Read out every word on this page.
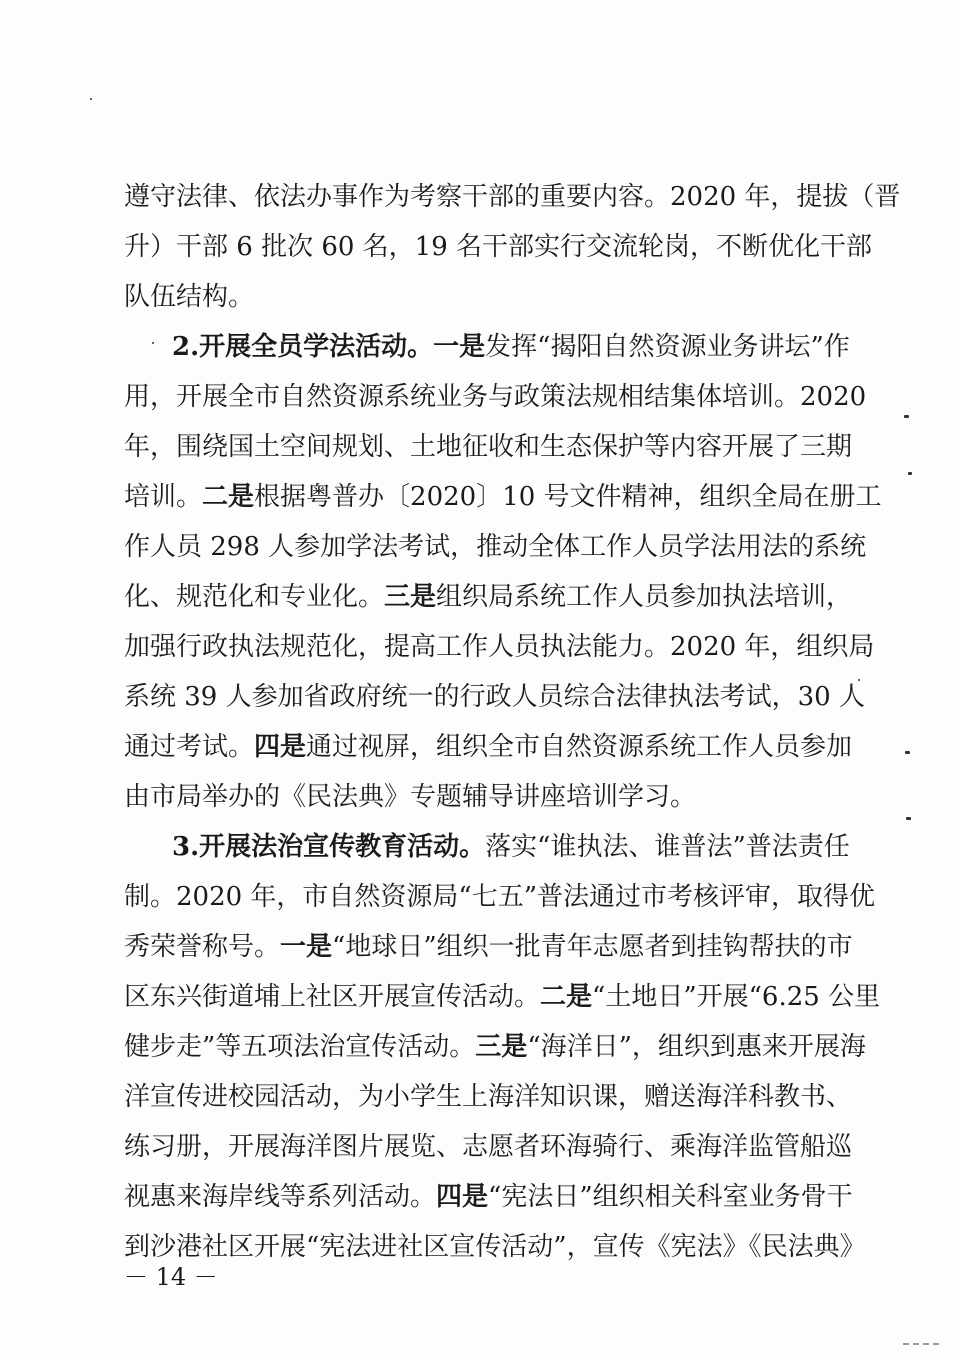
遵守法律、依法办事作为考察干部的重要内容。2020 年，提拔（晋
升）干部 6 批次 60 名，19 名干部实行交流轮岗，不断优化干部
队伍结构。
2.开展全员学法活动。一是发挥“揭阳自然资源业务讲坛”作
用，开展全市自然资源系统业务与政策法规相结集体培训。2020
年，围绕国土空间规划、土地征收和生态保护等内容开展了三期
培训。二是根据粤普办〔2020〕10 号文件精神，组织全局在册工
作人员 298 人参加学法考试，推动全体工作人员学法用法的系统
化、规范化和专业化。三是组织局系统工作人员参加执法培训，
加强行政执法规范化，提高工作人员执法能力。2020 年，组织局
系统 39 人参加省政府统一的行政人员综合法律执法考试，30 人
通过考试。四是通过视屏，组织全市自然资源系统工作人员参加
由市局举办的《民法典》专题辅导讲座培训学习。
3.开展法治宣传教育活动。落实“谁执法、谁普法”普法责任
制。2020 年，市自然资源局“七五”普法通过市考核评审，取得优
秀荣誉称号。一是“地球日”组织一批青年志愿者到挂钩帮扶的市
区东兴街道埔上社区开展宣传活动。二是“土地日”开展“6.25 公里
健步走”等五项法治宣传活动。三是“海洋日”，组织到惠来开展海
洋宣传进校园活动，为小学生上海洋知识课，赠送海洋科教书、
练习册，开展海洋图片展览、志愿者环海骑行、乘海洋监管船巡
视惠来海岸线等系列活动。四是“宪法日”组织相关科室业务骨干
到沙港社区开展“宪法进社区宣传活动”，宣传《宪法》《民法典》
－ 14 －
